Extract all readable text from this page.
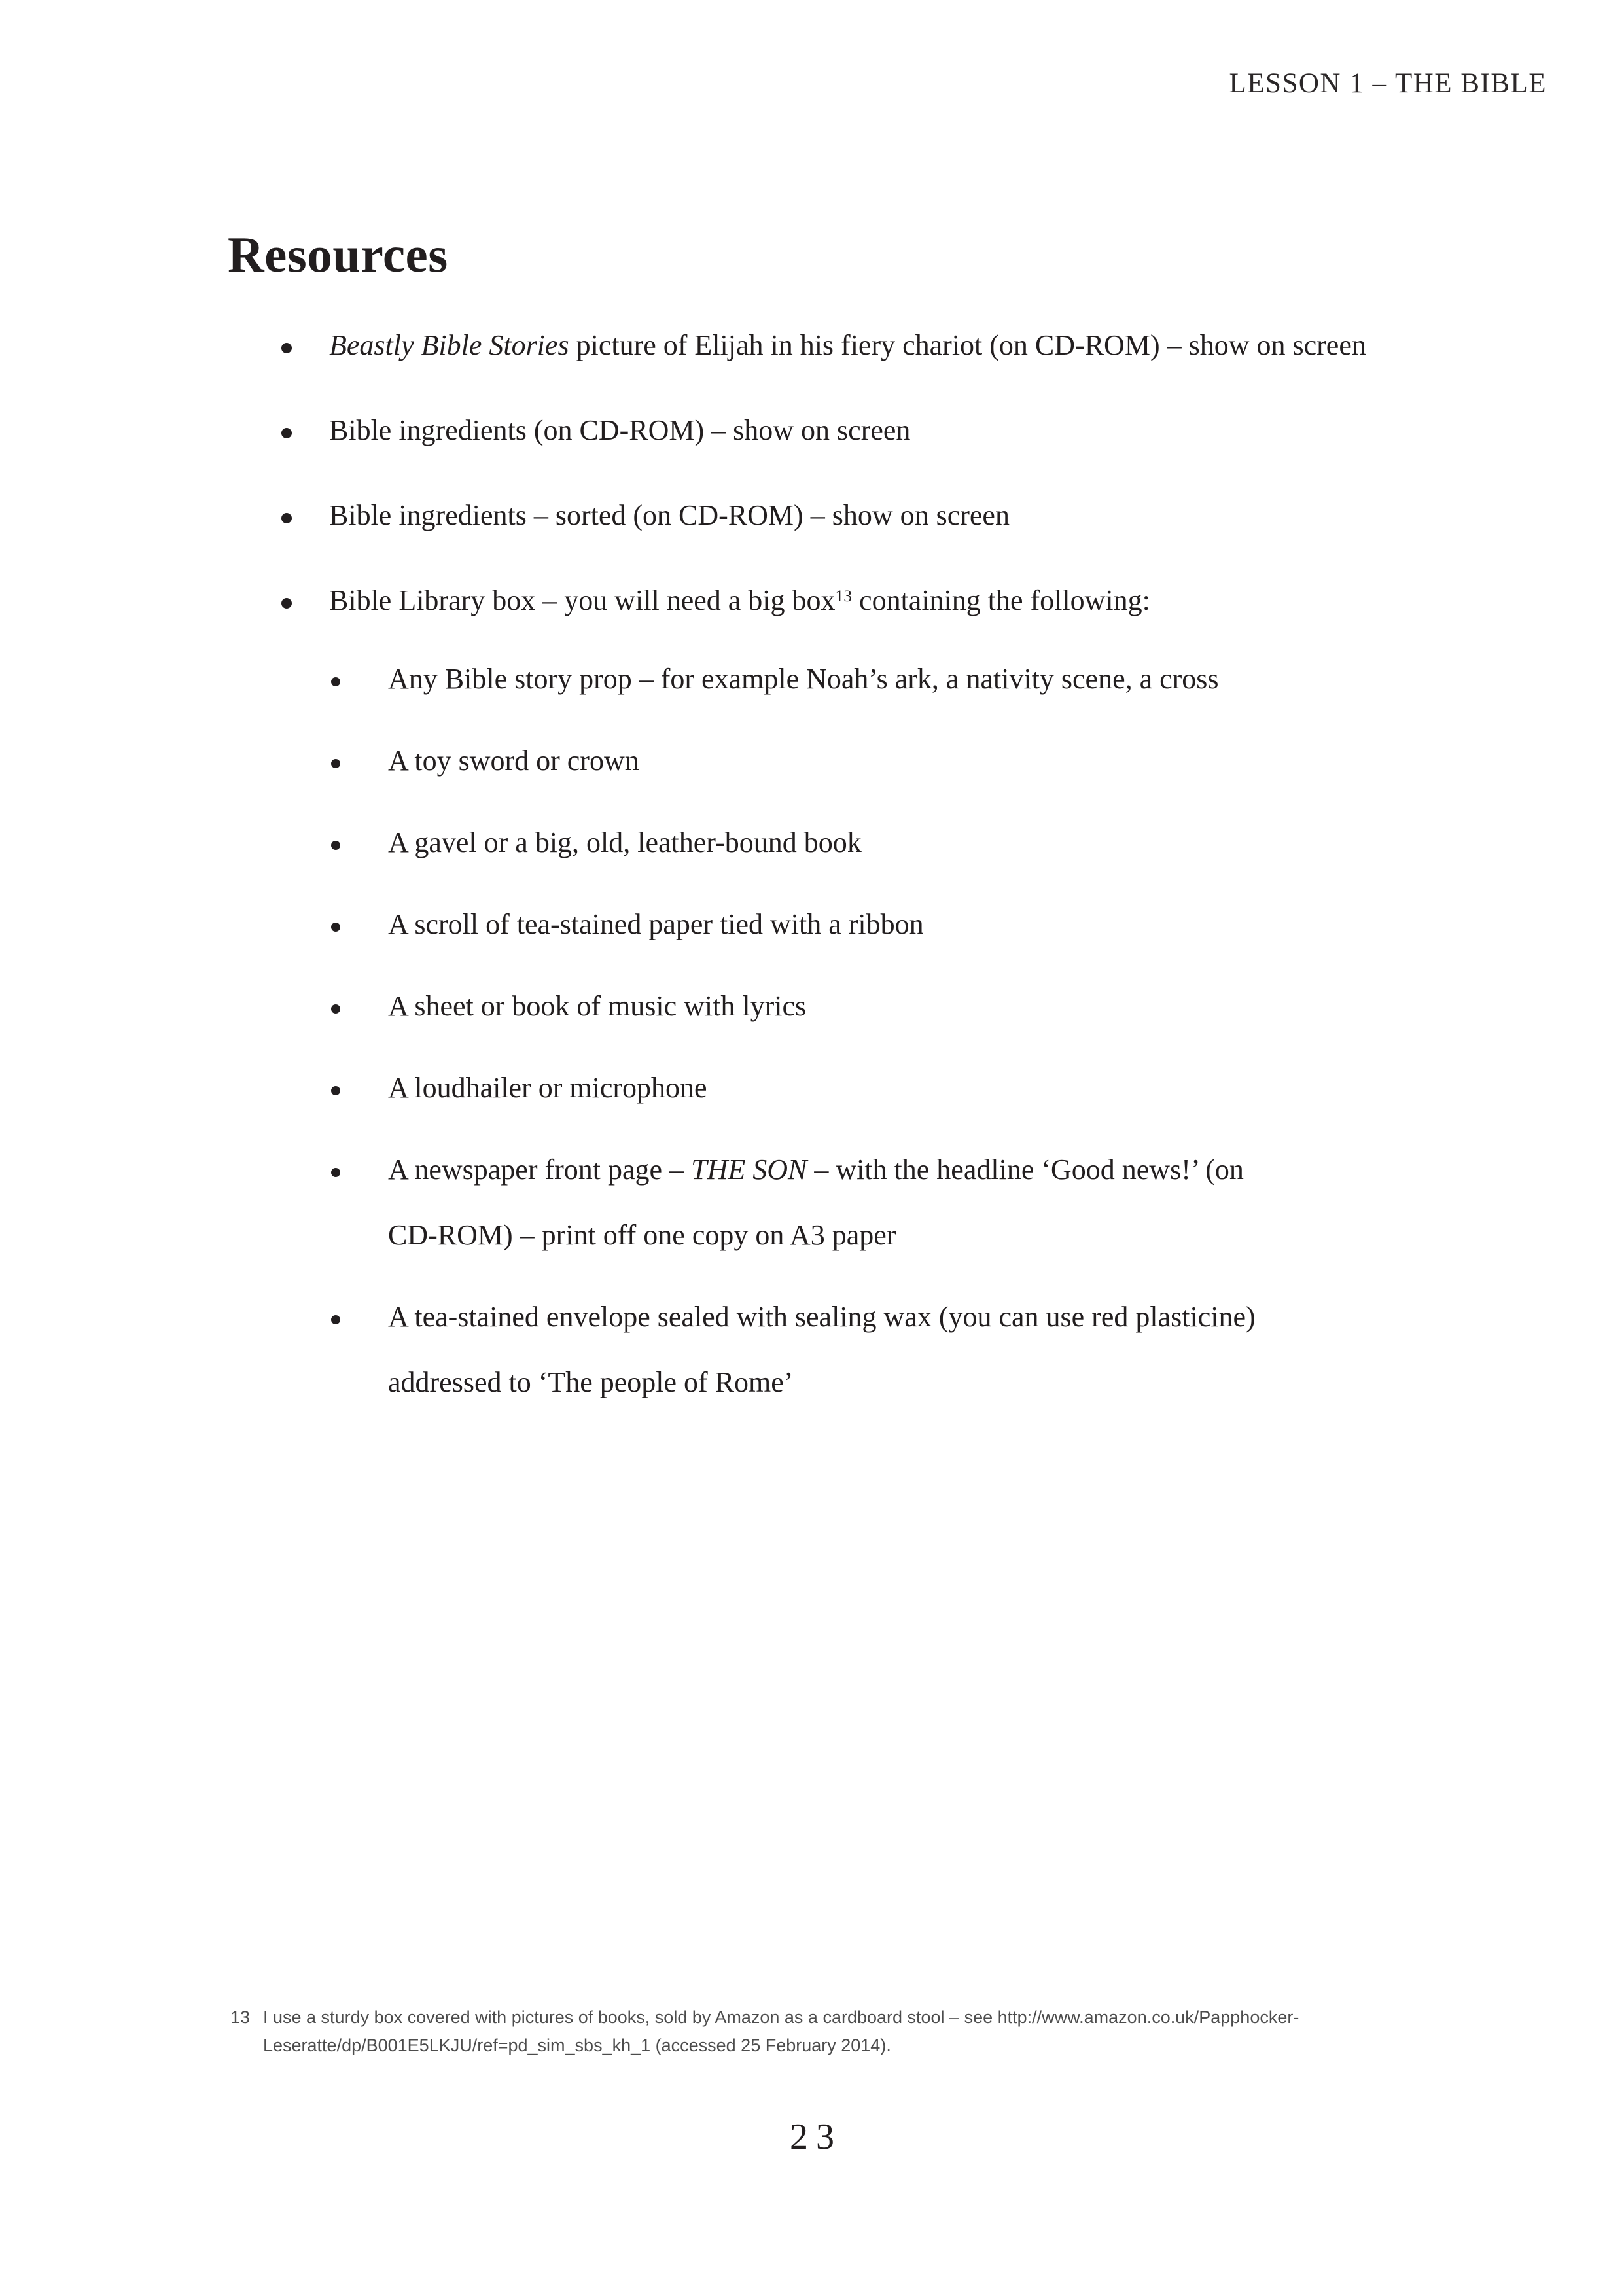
LESSON 1 – THE BIBLE
Resources
Beastly Bible Stories picture of Elijah in his fiery chariot (on CD-ROM) – show on screen
Bible ingredients (on CD-ROM) – show on screen
Bible ingredients – sorted (on CD-ROM) – show on screen
Bible Library box – you will need a big box$^{13}$ containing the following:
Any Bible story prop – for example Noah’s ark, a nativity scene, a cross
A toy sword or crown
A gavel or a big, old, leather-bound book
A scroll of tea-stained paper tied with a ribbon
A sheet or book of music with lyrics
A loudhailer or microphone
A newspaper front page – THE SON – with the headline ‘Good news!’ (on
CD-ROM) – print off one copy on A3 paper
A tea-stained envelope sealed with sealing wax (you can use red plasticine)
addressed to ‘The people of Rome’
13 I use a sturdy box covered with pictures of books, sold by Amazon as a cardboard stool – see http://www.amazon.co.uk/Papphocker-
Leseratte/dp/B001E5LKJU/ref=pd_sim_sbs_kh_1 (accessed 25 February 2014).
23
